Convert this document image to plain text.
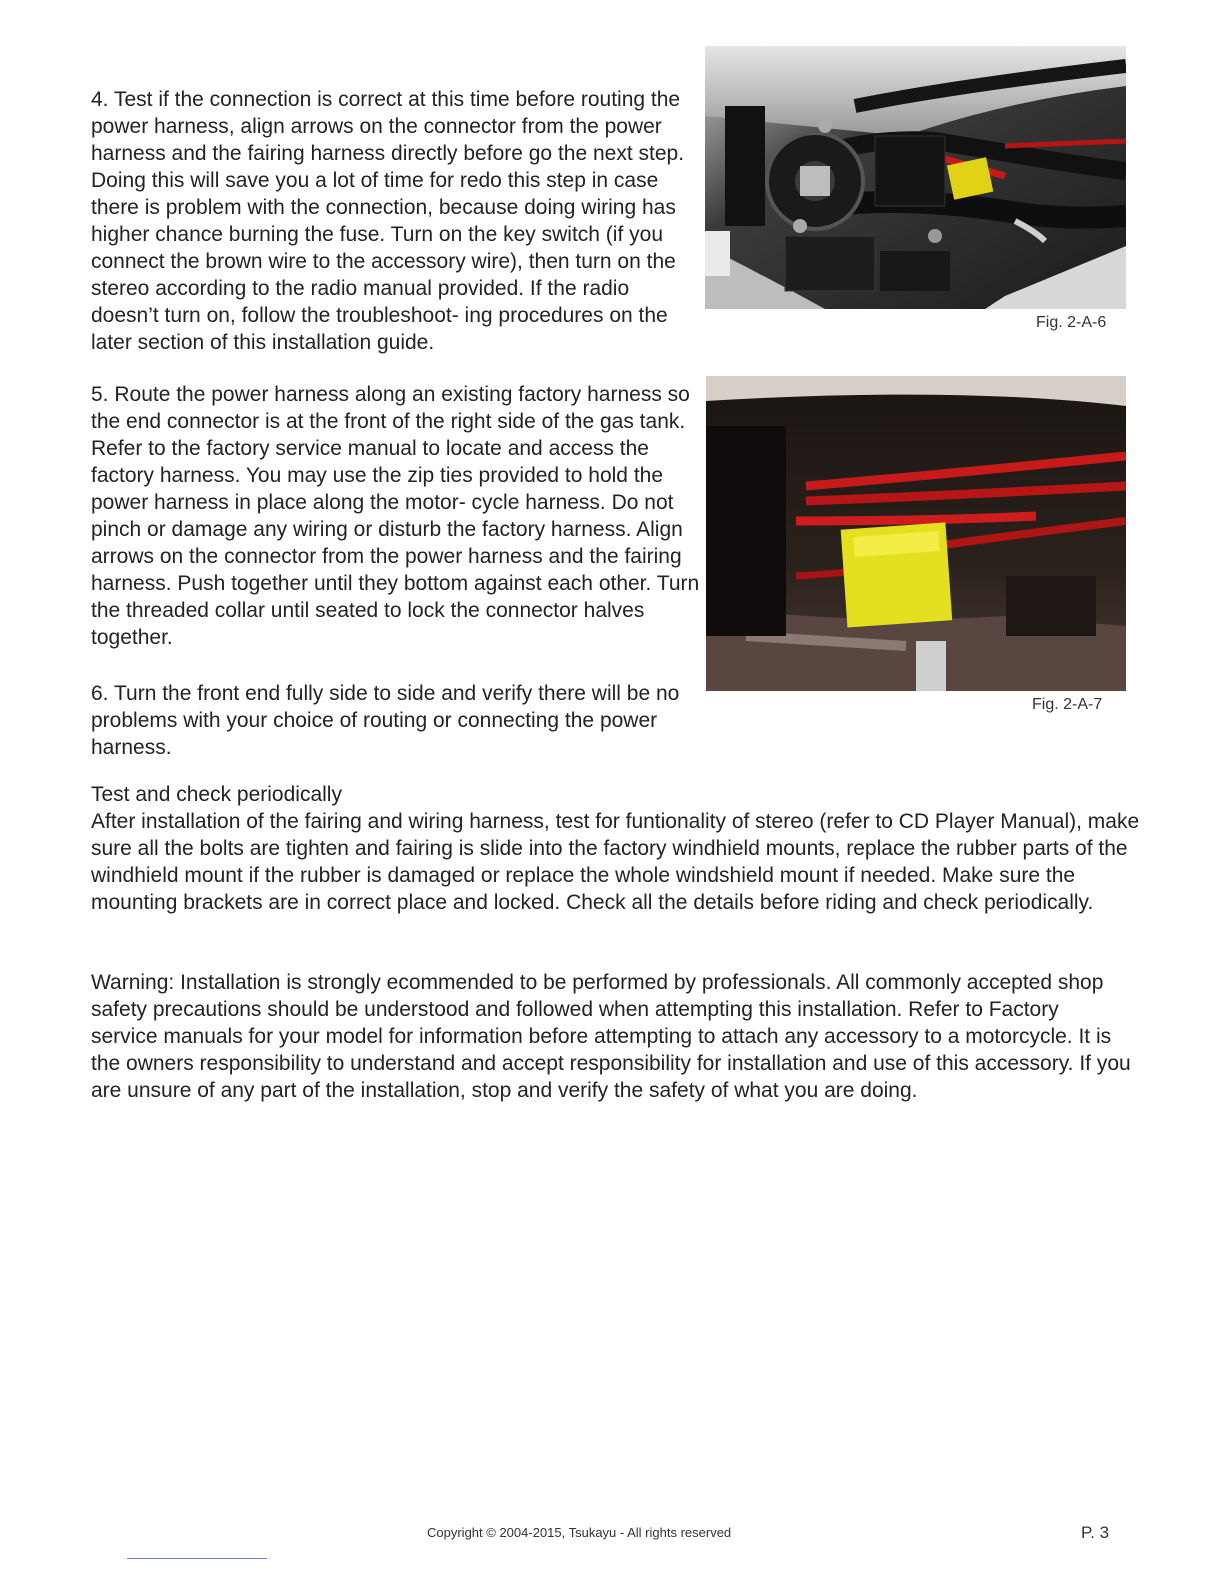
4. Test if the connection is correct at this time before routing the power harness, align arrows on the connector from the power harness and the fairing harness directly before go the next step. Doing this will save you a lot of time for redo this step in case there is problem with the connection, because doing wiring has higher chance burning the fuse. Turn on the key switch (if you connect the brown wire to the accessory wire), then turn on the stereo according to the radio manual provided. If the radio doesn’t turn on, follow the troubleshoot- ing procedures on the later section of this installation guide.

Fig. 2-A-6

5. Route the power harness along an existing factory harness so the end connector is at the front of the right side of the gas tank. Refer to the factory service manual to locate and access the factory harness. You may use the zip ties provided to hold the power harness in place along the motor- cycle harness. Do not pinch or damage any wiring or disturb the factory harness. Align arrows on the connector from the power harness and the fairing harness. Push together until they bottom against each other. Turn the threaded collar until seated to lock the connector halves together.

Fig. 2-A-7

6. Turn the front end fully side to side and verify there will be no problems with your choice of routing or connecting the power harness.

Test and check periodically

After installation of the fairing and wiring harness, test for funtionality of stereo (refer to CD Player Manual), make sure all the bolts are tighten and fairing is slide into the factory windhield mounts, replace the rubber parts of the windhield mount if the rubber is damaged or replace the whole windshield mount if needed. Make sure the mounting brackets are in correct place and locked. Check all the details before riding and check periodically.

Warning: Installation is strongly ecommended to be performed by professionals. All commonly accepted shop safety precautions should be understood and followed when attempting this installation. Refer to Factory service manuals for your model for information before attempting to attach any accessory to a motorcycle. It is the owners responsibility to understand and accept responsibility for installation and use of this accessory. If you are unsure of any part of the installation, stop and verify the safety of what you are doing.

Copyright © 2004-2015, Tsukayu - All rights reserved	P. 3
